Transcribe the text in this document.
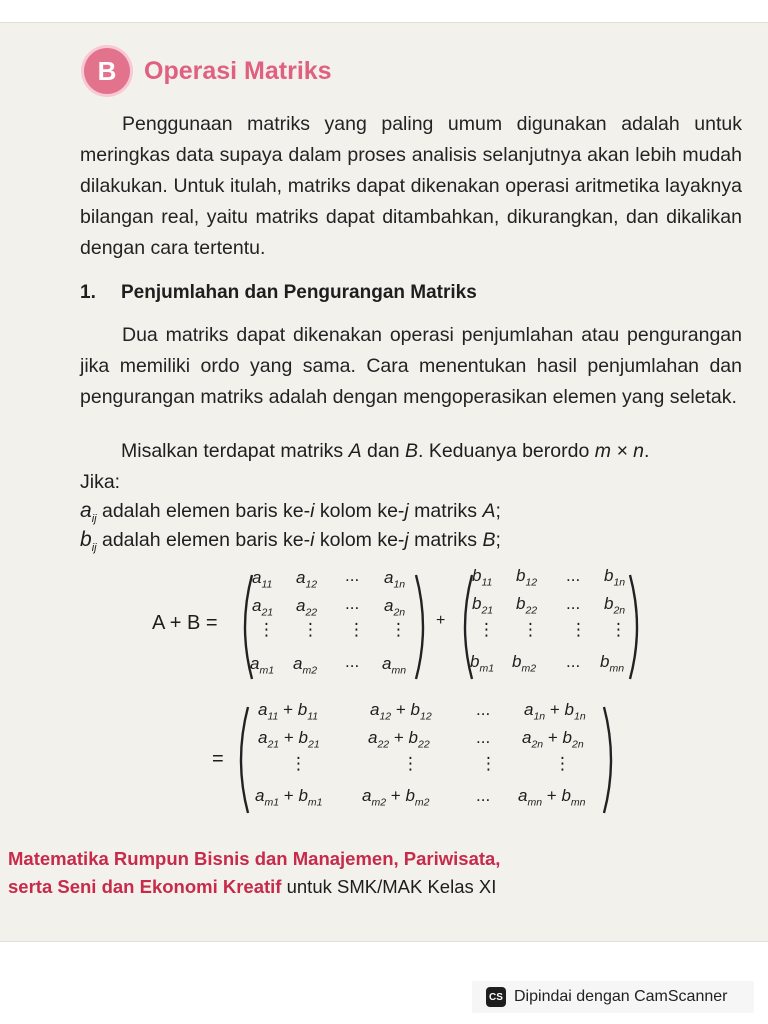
B	Operasi Matriks
Penggunaan matriks yang paling umum digunakan adalah untuk meringkas data supaya dalam proses analisis selanjutnya akan lebih mudah dilakukan. Untuk itulah, matriks dapat dikenakan operasi aritmetika layaknya bilangan real, yaitu matriks dapat ditambahkan, dikurangkan, dan dikalikan dengan cara tertentu.
1. Penjumlahan dan Pengurangan Matriks
Dua matriks dapat dikenakan operasi penjumlahan atau pengurangan jika memiliki ordo yang sama. Cara menentukan hasil penjumlahan dan pengurangan matriks adalah dengan mengoperasikan elemen yang seletak.
Misalkan terdapat matriks A dan B. Keduanya berordo m × n.
Jika:
$a_{ij}$ adalah elemen baris ke-i kolom ke-j matriks A;
$b_{ij}$ adalah elemen baris ke-i kolom ke-j matriks B;
A + B =
$a_{11}$ $a_{12}$ ... $a_{1n}$
$a_{21}$ $a_{22}$ ... $a_{2n}$
⋮ ⋮ ⋮ ⋮
$a_{m1}$ $a_{m2}$ ... $a_{mn}$
+
$b_{11}$ $b_{12}$ ... $b_{1n}$
$b_{21}$ $b_{22}$ ... $b_{2n}$
⋮ ⋮ ⋮ ⋮
$b_{m1}$ $b_{m2}$ ... $b_{mn}$
=
$a_{11} + b_{11}$	$a_{12} + b_{12}$	... $a_{1n} + b_{1n}$
$a_{21} + b_{21}$	$a_{22} + b_{22}$	... $a_{2n} + b_{2n}$
⋮	⋮	⋮	⋮
$a_{m1} + b_{m1}$ $a_{m2} + b_{m2}$	... $a_{mn} + b_{mn}$
Matematika Rumpun Bisnis dan Manajemen, Pariwisata,
serta Seni dan Ekonomi Kreatif untuk SMK/MAK Kelas XI
CS Dipindai dengan CamScanner
